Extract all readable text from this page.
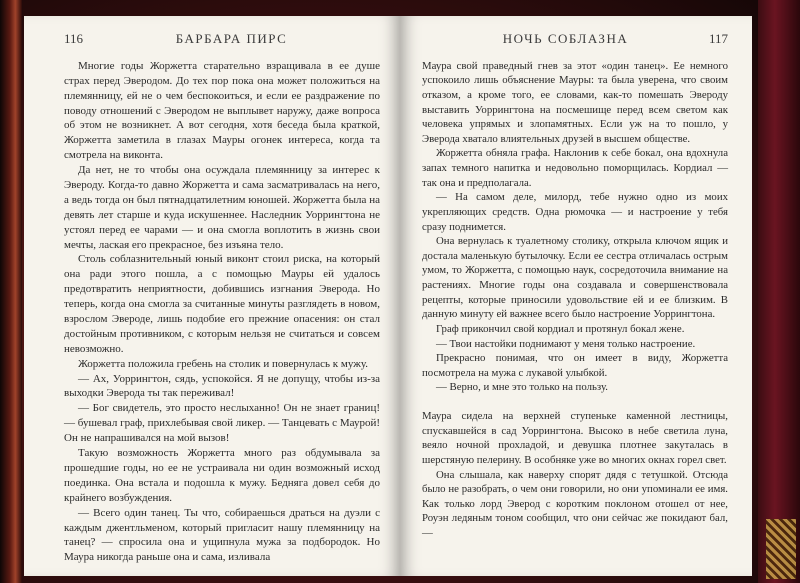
116	БАРБАРА ПИРС

Многие годы Жоржетта старательно взращивала в ее душе страх перед Эверодом. До тех пор пока она может положиться на племянницу, ей не о чем беспокоиться, и если ее раздражение по поводу отношений с Эверодом не выплывет наружу, даже вопроса об этом не возникнет. А вот сегодня, хотя беседа была краткой, Жоржетта заметила в глазах Мауры огонек интереса, когда та смотрела на виконта.

Да нет, не то чтобы она осуждала племянницу за интерес к Эвероду. Когда-то давно Жоржетта и сама засматривалась на него, а ведь тогда он был пятнадцатилетним юношей. Жоржетта была на девять лет старше и куда искушеннее. Наследник Уоррингтона не устоял перед ее чарами — и она смогла воплотить в жизнь свои мечты, лаская его прекрасное, без изъяна тело.

Столь соблазнительный юный виконт стоил риска, на который она ради этого пошла, а с помощью Мауры ей удалось предотвратить неприятности, добившись изгнания Эверода. Но теперь, когда она смогла за считанные минуты разглядеть в новом, взрослом Эвероде, лишь подобие его прежние опасения: он стал достойным противником, с которым нельзя не считаться и совсем невозможно.

Жоржетта положила гребень на столик и повернулась к мужу.

— Ах, Уоррингтон, сядь, успокойся. Я не допущу, чтобы из-за выходки Эверода ты так переживал!

— Бог свидетель, это просто неслыханно! Он не знает границ! — бушевал граф, прихлебывая свой ликер. — Танцевать с Маурой! Он не напрашивался на мой вызов!

Такую возможность Жоржетта много раз обдумывала за прошедшие годы, но ее не устраивала ни один возможный исход поединка. Она встала и подошла к мужу. Бедняга довел себя до крайнего возбуждения.

— Всего один танец. Ты что, собираешься драться на дуэли с каждым джентльменом, который пригласит нашу племянницу на танец? — спросила она и ущипнула мужа за подбородок. Но Маура никогда раньше она и сама, изливала

НОЧЬ СОБЛАЗНА	117

Маура свой праведный гнев за этот «один танец». Ее немного успокоило лишь объяснение Мауры: та была уверена, что своим отказом, а кроме того, ее словами, как-то помешать Эвероду выставить Уоррингтона на посмешище перед всем светом как человека упрямых и злопамятных. Если уж на то пошло, у Эверода хватало влиятельных друзей в высшем обществе.

Жоржетта обняла графа. Наклонив к себе бокал, она вдохнула запах темного напитка и недовольно поморщилась. Кордиал — так она и предполагала.

— На самом деле, милорд, тебе нужно одно из моих укрепляющих средств. Одна рюмочка — и настроение у тебя сразу поднимется.

Она вернулась к туалетному столику, открыла ключом ящик и достала маленькую бутылочку. Если ее сестра отличалась острым умом, то Жоржетта, с помощью наук, сосредоточила внимание на растениях. Многие годы она создавала и совершенствовала рецепты, которые приносили удовольствие ей и ее близким. В данную минуту ей важнее всего было настроение Уоррингтона.

Граф прикончил свой кордиал и протянул бокал жене.

— Твои настойки поднимают у меня только настроение.

Прекрасно понимая, что он имеет в виду, Жоржетта посмотрела на мужа с лукавой улыбкой.

— Верно, и мне это только на пользу.

Маура сидела на верхней ступеньке каменной лестницы, спускавшейся в сад Уоррингтона. Высоко в небе светила луна, веяло ночной прохладой, и девушка плотнее закуталась в шерстяную пелерину. В особняке уже во многих окнах горел свет.

Она слышала, как наверху спорят дядя с тетушкой. Отсюда было не разобрать, о чем они говорили, но они упоминали ее имя. Как только лорд Эверод с коротким поклоном отошел от нее, Роуэн ледяным тоном сообщил, что они сейчас же покидают бал, —
